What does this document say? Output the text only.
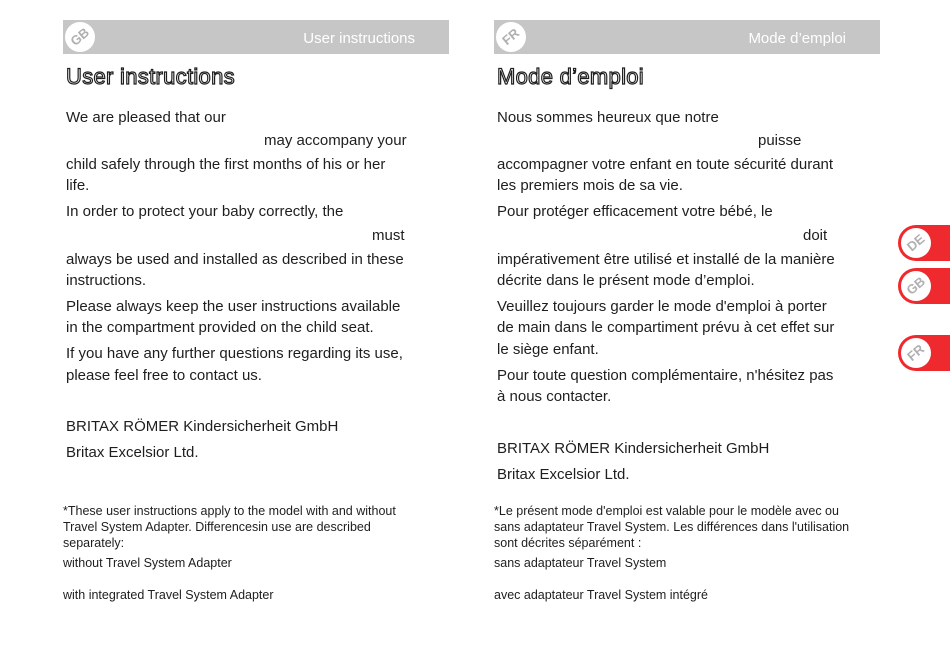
User instructions
GB
User instructions

We are pleased that our

may accompany your

child safely through the first months of his or her

life.

In order to protect your baby correctly, the

must

always be used and installed as described in these

instructions.

Please always keep the user instructions available

in the compartment provided on the child seat.

If you have any further questions regarding its use,

please feel free to contact us.

BRITAX RÖMER Kindersicherheit GmbH

Britax Excelsior Ltd.

*These user instructions apply to the model with and without

Travel System Adapter. Differencesin use are described

separately:

without Travel System Adapter

with integrated Travel System Adapter

Mode d’emploi
FR
Mode d’emploi

Nous sommes heureux que notre

puisse

accompagner votre enfant en toute sécurité durant

les premiers mois de sa vie.

Pour protéger efficacement votre bébé, le

doit

impérativement être utilisé et installé de la manière

décrite dans le présent mode d’emploi.

Veuillez toujours garder le mode d'emploi à porter

de main dans le compartiment prévu à cet effet sur

le siège enfant.

Pour toute question complémentaire, n'hésitez pas

à nous contacter.

BRITAX RÖMER Kindersicherheit GmbH

Britax Excelsior Ltd.

*Le présent mode d'emploi est valable pour le modèle avec ou

sans adaptateur Travel System. Les différences dans l'utilisation

sont décrites séparément :

sans adaptateur Travel System

avec adaptateur Travel System intégré

DE
GB
FR
